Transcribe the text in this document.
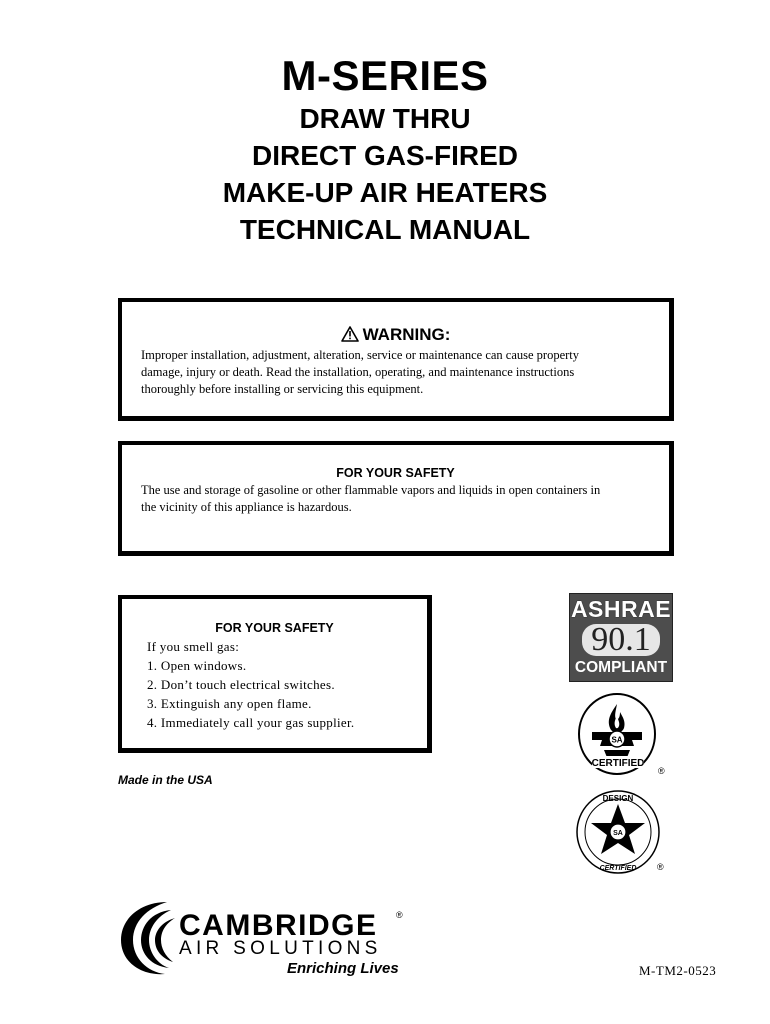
M-SERIES
DRAW THRU
DIRECT GAS-FIRED
MAKE-UP AIR HEATERS
TECHNICAL MANUAL
WARNING:
Improper installation, adjustment, alteration, service or maintenance can cause property
damage, injury or death. Read the installation, operating, and maintenance instructions
thoroughly before installing or servicing this equipment.
FOR YOUR SAFETY
The use and storage of gasoline or other flammable vapors and liquids in open containers in
the vicinity of this appliance is hazardous.
FOR YOUR SAFETY
If you smell gas:
1. Open windows.
2. Don’t touch electrical switches.
3. Extinguish any open flame.
4. Immediately call your gas supplier.
Made in the USA
ASHRAE
90.1
COMPLIANT
SA
CERTIFIED
®
SA
DESIGN
CERTIFIED ®
CAMBRIDGE ®
AIR SOLUTIONS
Enriching Lives	M-TM2-0523
